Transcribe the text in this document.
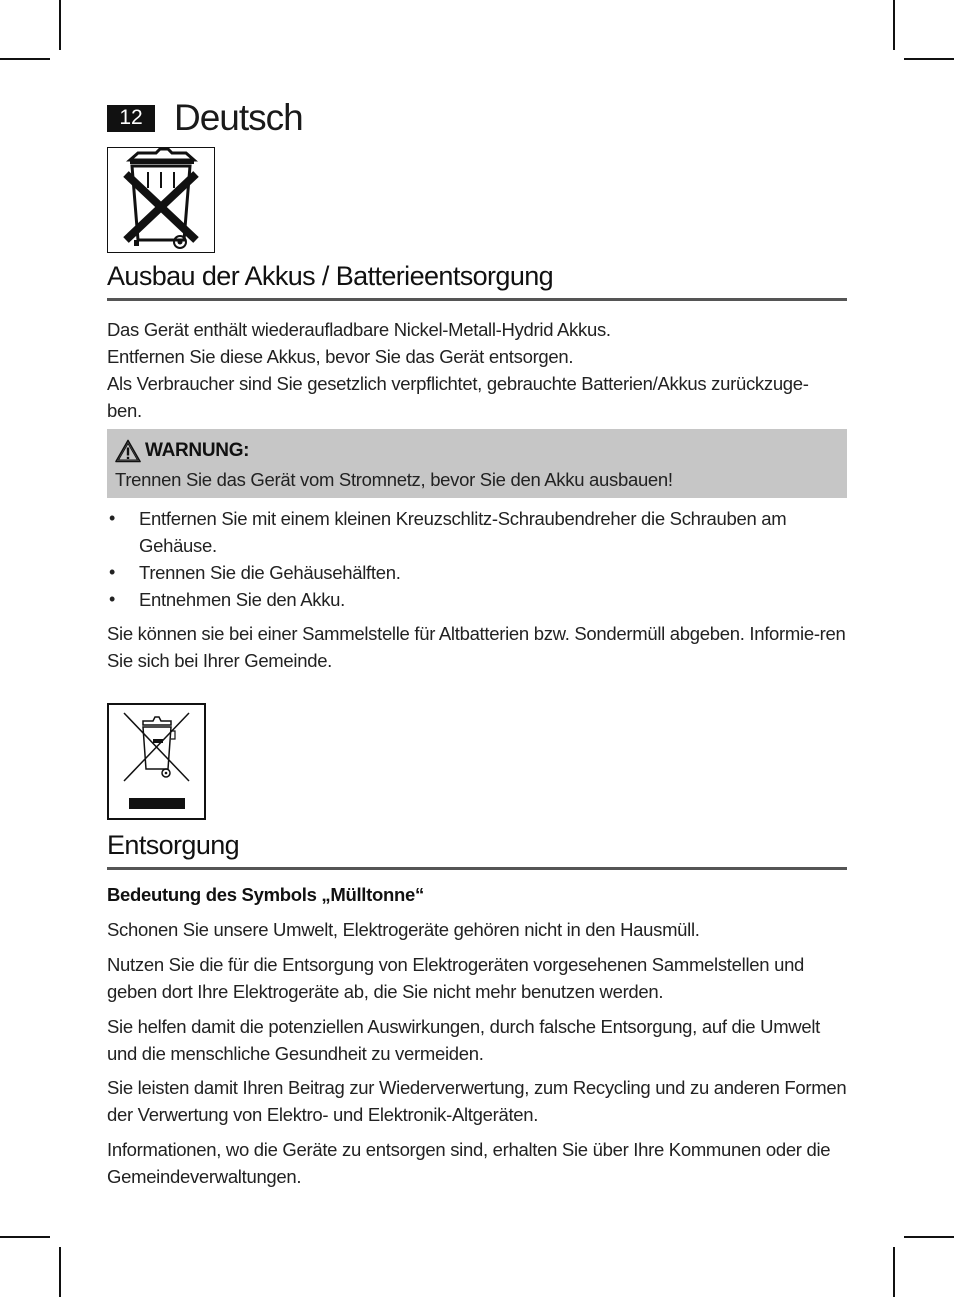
12 Deutsch
Ausbau der Akkus / Batterieentsorgung

Das Gerät enthält wiederaufladbare Nickel-Metall-Hydrid Akkus.

Entfernen Sie diese Akkus, bevor Sie das Gerät entsorgen.

Als Verbraucher sind Sie gesetzlich verpflichtet, gebrauchte Batterien/Akkus zurückzuge-

ben.

WARNUNG:
Trennen Sie das Gerät vom Stromnetz, bevor Sie den Akku ausbauen!
• Entfernen Sie mit einem kleinen Kreuzschlitz-Schraubendreher die Schrauben am Gehäuse.
• Trennen Sie die Gehäusehälften.
• Entnehmen Sie den Akku.

Sie können sie bei einer Sammelstelle für Altbatterien bzw. Sondermüll abgeben. Informie-ren Sie sich bei Ihrer Gemeinde.

Entsorgung
Bedeutung des Symbols „Mülltonne“

Schonen Sie unsere Umwelt, Elektrogeräte gehören nicht in den Hausmüll.

Nutzen Sie die für die Entsorgung von Elektrogeräten vorgesehenen Sammelstellen und geben dort Ihre Elektrogeräte ab, die Sie nicht mehr benutzen werden.

Sie helfen damit die potenziellen Auswirkungen, durch falsche Entsorgung, auf die Umwelt und die menschliche Gesundheit zu vermeiden.

Sie leisten damit Ihren Beitrag zur Wiederverwertung, zum Recycling und zu anderen Formen der Verwertung von Elektro- und Elektronik-Altgeräten.

Informationen, wo die Geräte zu entsorgen sind, erhalten Sie über Ihre Kommunen oder die Gemeindeverwaltungen.
